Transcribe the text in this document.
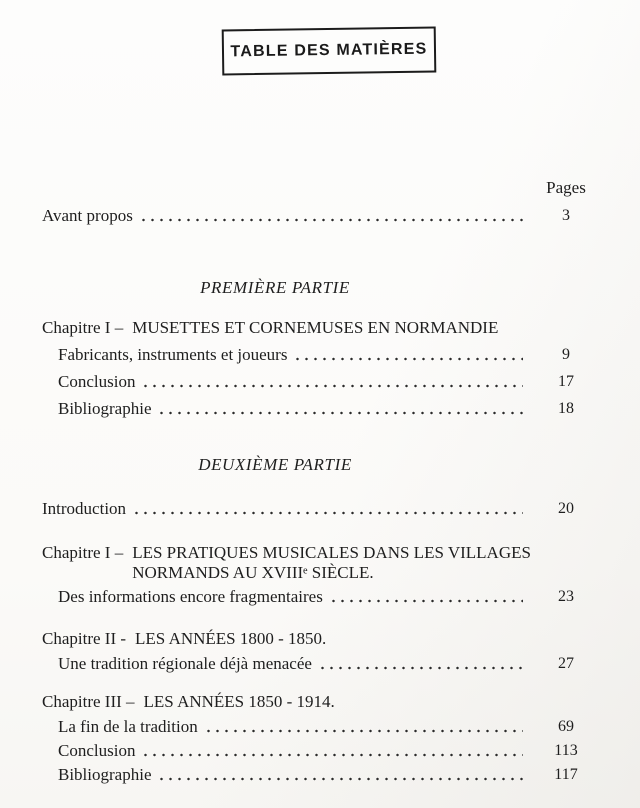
TABLE DES MATIÈRES
Pages
Avant propos	3
PREMIÈRE PARTIE
Chapitre I – MUSETTES ET CORNEMUSES EN NORMANDIE
Fabricants, instruments et joueurs	9
Conclusion	17
Bibliographie	18
DEUXIÈME PARTIE
Introduction	20
Chapitre I – LES PRATIQUES MUSICALES DANS LES VILLAGES NORMANDS AU XVIIIᵉ SIÈCLE.
Des informations encore fragmentaires	23
Chapitre II - LES ANNÉES 1800 - 1850.
Une tradition régionale déjà menacée	27
Chapitre III – LES ANNÉES 1850 - 1914.
La fin de la tradition	69
Conclusion	113
Bibliographie	117
